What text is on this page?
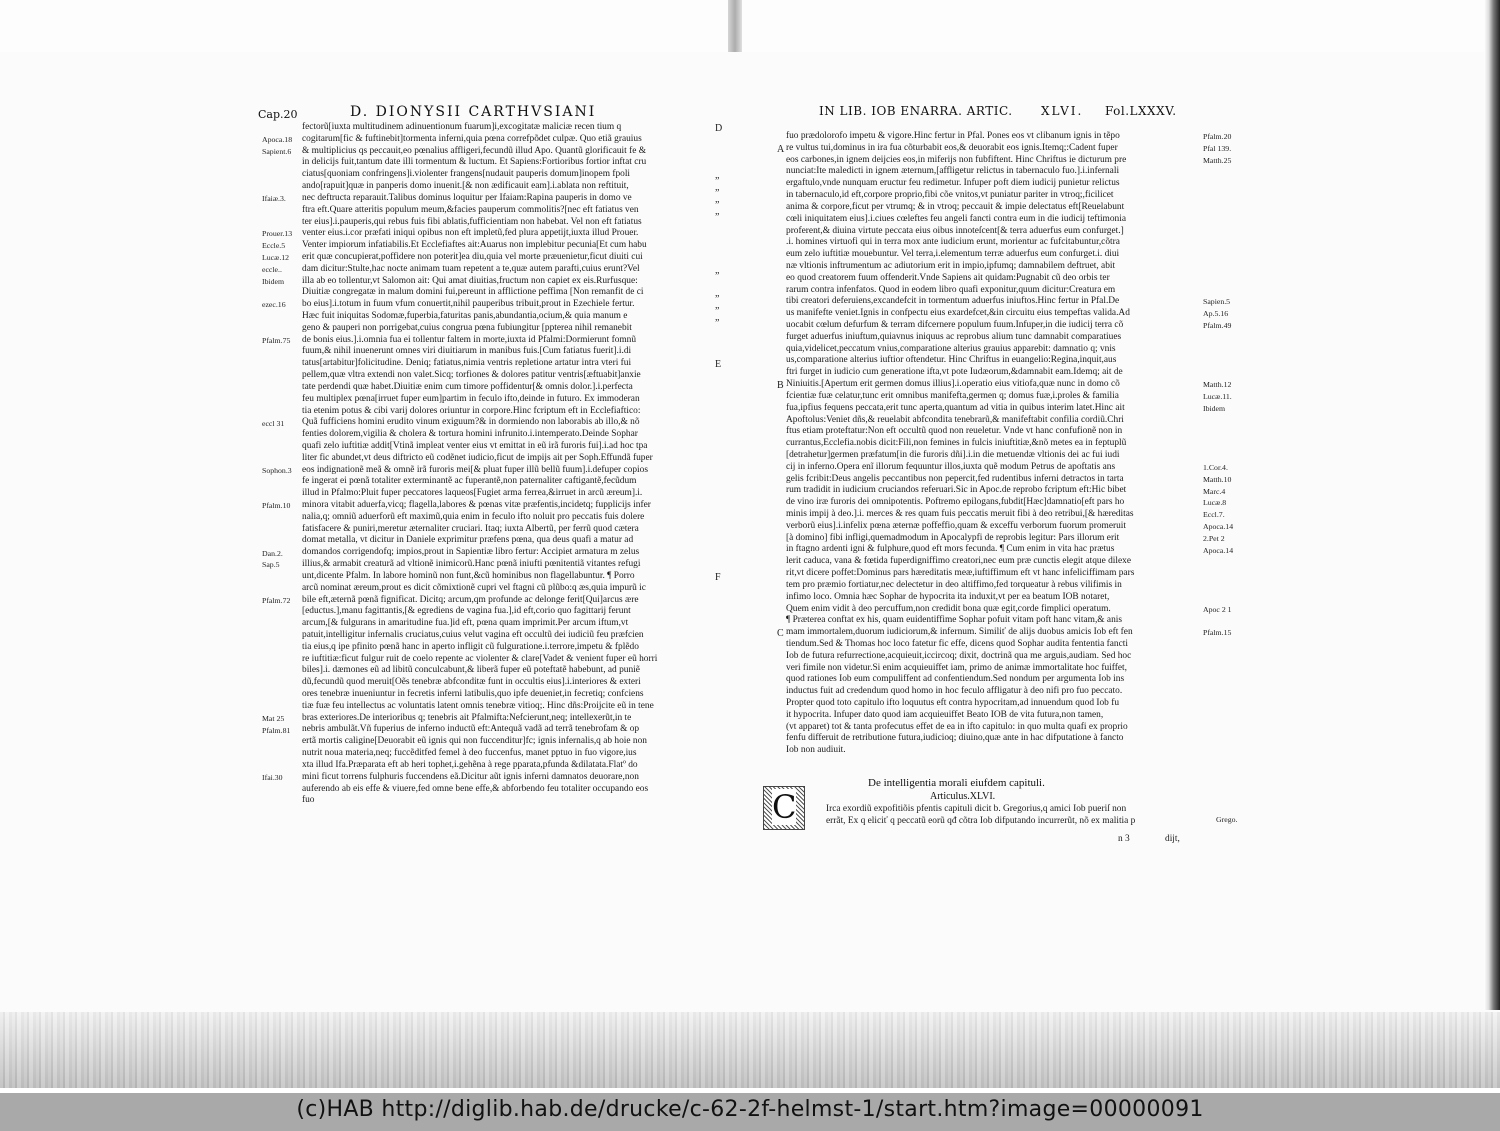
Cap.20	D. DIONYSII CARTHVSIANI
fectorũ[iuxta multitudinem adinuentionum fuarum]i,excogitatæ maliciæ recen tium q
cogitarum[fic & fuftinebit]tormenta inferni,quia pœna correfpõdet culpæ. Quo etiã grauius
& multiplicius qs peccauit,eo pœnalius affligeri,fecundũ illud Apo. Quantũ glorificauit fe &
in delicijs fuit,tantum date illi tormentum & luctum. Et Sapiens:Fortioribus fortior inftat cru
ciatus[quoniam confringens]i.violenter frangens[nudauit pauperis domum]inopem fpoli
ando[rapuit]quæ in panperis domo inuenit.[& non ædificauit eam].i.ablata non reftituit,
nec deftructa reparauit.Talibus dominus loquitur per Ifaiam:Rapina pauperis in domo ve
ftra eft.Quare atteritis populum meum,&facies pauperum commolitis?[nec eft fatiatus ven
ter eius].i.pauperis,qui rebus fuis fibi ablatis,fufficientiam non habebat. Vel non eft fatiatus
venter eius.i.cor præfati iniqui opibus non eft impletũ,fed plura appetijt,iuxta illud Prouer.
Venter impiorum infatiabilis.Et Ecclefiaftes ait:Auarus non implebitur pecunia[Et cum habu
erit quæ concupierat,poffidere non poterit]ea diu,quia vel morte præuenietur,ficut diuiti cui
dam dicitur:Stulte,hac nocte animam tuam repetent a te,quæ autem parafti,cuius erunt?Vel
illa ab eo tollentur,vt Salomon ait: Qui amat diuitias,fructum non capiet ex eis.Rurfusque:
Diuitiæ congregatæ in malum domini fui,pereunt in afflictione peffima [Non remanfit de ci
bo eius].i.totum in fuum vfum conuertit,nihil pauperibus tribuit,prout in Ezechiele fertur.
Hæc fuit iniquitas Sodomæ,fuperbia,faturitas panis,abundantia,ocium,& quia manum e
geno & pauperi non porrigebat,cuius congrua pœna fubiungitur [ppterea nihil remanebit
de bonis eius.].i.omnia fua ei tollentur faltem in morte,iuxta id Pfalmi:Dormierunt fomnũ
fuum,& nihil inuenerunt omnes viri diuitiarum in manibus fuis.[Cum fatiatus fuerit].i.di
tatus[artabitur]folicitudine. Deniq; fatiatus,nimia ventris repletione artatur intra vteri fui
pellem,quæ vltra extendi non valet.Sicq; torfiones & dolores patitur ventris[æftuabit]anxie
tate perdendi quæ habet.Diuitiæ enim cum timore poffidentur[& omnis dolor.].i.perfecta
feu multiplex pœna[irruet fuper eum]partim in feculo ifto,deinde in futuro. Ex immoderan
tia etenim potus & cibi varij dolores oriuntur in corpore.Hinc fcriptum eft in Ecclefiaftico:
Quã fufficiens homini erudito vinum exiguum?& in dormiendo non laborabis ab illo,& nõ
fenties dolorem,vigilia & cholera & tortura homini infrunito.i.intemperato.Deinde Sophar
quafi zelo iuftitiæ addit[Vtinã impleat venter eius vt emittat in eũ irã furoris fui].i.ad hoc tpa
liter fic abundet,vt deus diftricto eũ codẽnet iudicio,ficut de impijs ait per Soph.Effundã fuper
eos indignationẽ meã & omnẽ irã furoris mei[& pluat fuper illũ bellũ fuum].i.defuper copios
fe ingerat ei pœnã totaliter exterminantẽ ac fuperantẽ,non paternaliter caftigantẽ,fecũdum
illud in Pfalmo:Pluit fuper peccatores laqueos[Fugiet arma ferrea,&irruet in arcũ æreum].i.
minora vitabit aduerfa,vicq; flagella,labores & pœnas vitæ præfentis,incidetq; fupplicijs infer
nalia,q; omniũ aduerforũ eft maximũ,quia enim in feculo ifto noluit pro peccatis fuis dolere
fatisfacere & puniri,meretur æternaliter cruciari. Itaq; iuxta Albertũ, per ferrũ quod cætera
domat metalla, vt dicitur in Daniele exprimitur præfens pœna, qua deus quafi a matur ad
domandos corrigendofq; impios,prout in Sapientiæ libro fertur: Accipiet armatura m zelus
illius,& armabit creaturã ad vltionẽ inimicorũ.Hanc pœnã iniufti pœnitentiã vitantes refugi
unt,dicente Pfalm. In labore hominũ non funt,&cũ hominibus non flagellabuntur. ¶ Porro
arcũ nominat æreum,prout es dicit cõmixtionẽ cupri vel ftagni cũ plũbo:q æs,quia impurũ ic
bile eft,æternã pœnã fignificat. Dicitq; arcum,qm profunde ac delonge ferit[Qui]arcus ære
[eductus.],manu fagittantis,[& egrediens de vagina fua.],id eft,corio quo fagittarij ferunt
arcum,[& fulgurans in amaritudine fua.]id eft, pœna quam imprimit.Per arcum iftum,vt
patuit,intelligitur infernalis cruciatus,cuius velut vagina eft occultũ dei iudiciũ feu præfcien
tia eius,q ipe pfinito pœnã hanc in aperto infligit cũ fulguratione.i.terrore,impetu & fplẽdo
re iuftitiæ:ficut fulgur ruit de coelo repente ac violenter & clare[Vadet & venient fuper eũ horri
biles].i. dæmones eũ ad libitũ conculcabunt,& liberã fuper eũ poteftatẽ habebunt, ad puniẽ
dũ,fecundũ quod meruit[Oẽs tenebræ abfconditæ funt in occultis eius].i.interiores & exteri
ores tenebræ inueniuntur in fecretis inferni latibulis,quo ipfe deueniet,in fecretiq; confciens
tiæ fuæ feu intellectus ac voluntatis latent omnis tenebræ vitioq;. Hinc dñs:Proijcite eũ in tene
bras exteriores.De interioribus q; tenebris ait Pfalmifta:Nefcierunt,neq; intellexerũt,in te
nebris ambulãt.Vñ fuperius de inferno inductũ eft:Antequã vadã ad terrã tenebrofam & op
ertã mortis caligine[Deuorabit eũ ignis qui non fuccenditur]fc; ignis infernalis,q ab hoie non
nutrit noua materia,neq; fuccẽditfed femel à deo fuccenfus, manet pptuo in fuo vigore,ius
xta illud Ifa.Præparata eft ab heri tophet,i.gehẽna à rege pparata,pfunda &dilatata.Flatº do
mini ficut torrens fulphuris fuccendens eã.Dicitur aũt ignis inferni damnatos deuorare,non
auferendo ab eis effe & viuere,fed omne bene effe,& abforbendo feu totaliter occupando eos
fuo
Apoca.18
Sapient.6
Ifaiæ.3.
Prouer.13
Eccle.5
Lucæ.12
eccle..
Ibidem
ezec.16
Pfalm.75
eccl 31
Sophon.3
Pfalm.10
Dan.2.
Sap.5
Pfalm.72
Mat 25
Pfalm.81
Ifai.30
D
„
„
„
„
„
„
„
„
E
F
IN LIB. IOB ENARRA. ARTIC. XLVI. Fol.LXXXV.
fuo prædolorofo impetu & vigore.Hinc fertur in Pfal. Pones eos vt clibanum ignis in tẽpo
re vultus tui,dominus in ira fua cõturbabit eos,& deuorabit eos ignis.Itemq;:Cadent fuper
eos carbones,in ignem deijcies eos,in miferijs non fubfiftent. Hinc Chriftus ie dicturum pre
nunciat:Ite maledicti in ignem æternum,[affligetur relictus in tabernaculo fuo.].i.infernali
ergaftulo,vnde nunquam eructur feu redimetur. Infuper poft diem iudicij punietur relictus
in tabernaculo,id eft,corpore proprio,fibi cõe vnitos,vt puniatur pariter in vtroq;,ficilicet
anima & corpore,ficut per vtrumq; & in vtroq; peccauit & impie delectatus eft[Reuelabunt
cœli iniquitatem eius].i.ciues cœleftes feu angeli fancti contra eum in die iudicij teftimonia
proferent,& diuina virtute peccata eius oibus innoteſcent[& terra aduerfus eum confurget.]
.i. homines virtuofi qui in terra mox ante iudicium erunt, morientur ac fufcitabuntur,cõtra
eum zelo iuftitiæ mouebuntur. Vel terra,i.elementum terræ aduerfus eum confurget.i. diui
næ vltionis inftrumentum ac adiutorium erit in impio,ipfumq; damnabilem deftruet, abit
eo quod creatorem fuum offenderit.Vnde Sapiens ait quidam:Pugnabit cũ deo orbis ter
rarum contra infenfatos. Quod in eodem libro quafi exponitur,quum dicitur:Creatura em
tibi creatori deferuiens,excandefcit in tormentum aduerfus iniuftos.Hinc fertur in Pfal.De
us manifefte veniet.Ignis in confpectu eius exardefcet,&in circuitu eius tempeftas valida.Ad
uocabit cœlum defurfum & terram difcernere populum fuum.Infuper,in die iudicij terra cõ
furget aduerfus iniuftum,quiavnus iniquus ac reprobus alium tunc damnabit comparatiues
quia,videlicet,peccatum vnius,comparatione alterius grauius apparebit: damnatio q; vnis
us,comparatione alterius iuftior oftendetur. Hinc Chriftus in euangelio:Regina,inquit,aus
ftri furget in iudicio cum generatione ifta,vt pote Iudæorum,&damnabit eam.Idemq; ait de
Niniuitis.[Apertum erit germen domus illius].i.operatio eius vitiofa,quæ nunc in domo cõ
fcientiæ fuæ celatur,tunc erit omnibus manifefta,germen q; domus fuæ,i.proles & familia
fua,ipfius fequens peccata,erit tunc aperta,quantum ad vitia in quibus interim latet.Hinc ait
Apoftolus:Veniet dñs,& reuelabit abfcondita tenebrarũ,& manifeftabit confilia cordiũ.Chri
ftus etiam proteftatur:Non eft occultũ quod non reueletur. Vnde vt hanc confufionẽ non in
currantus,Ecclefia.nobis dicit:Fili,non femines in fulcis iniuftitiæ,&nõ metes ea in feptuplũ
[detrahetur]germen præfatum[in die furoris dñi].i.in die metuendæ vltionis dei ac fui iudi
cij in inferno.Opera enĩ illorum fequuntur illos,iuxta quẽ modum Petrus de apoftatis ans
gelis fcribit:Deus angelis peccantibus non pepercit,fed rudentibus inferni detractos in tarta
rum tradidit in iudicium cruciandos referuari.Sic in Apoc.de reprobo fcriptum eft:Hic bibet
de vino iræ furoris dei omnipotentis. Poftremo epilogans,fubdit[Hæc]damnatio[eft pars ho
minis impij à deo.].i. merces & res quam fuis peccatis meruit fibi à deo retribui,[& hæreditas
verborũ eius].i.infelix pœna æternæ poffeffio,quam & exceffu verborum fuorum promeruit
[à domino] fibi infligi,quemadmodum in Apocalypfi de reprobis legitur: Pars illorum erit
in ftagno ardenti igni & fulphure,quod eft mors fecunda. ¶ Cum enim in vita hac prætus
lerit caduca, vana & fœtida fuperdigniffimo creatori,nec eum præ cunctis elegit atque dilexe
rit,vt dicere poffet:Dominus pars hæreditatis meæ,iuftiffimum eft vt hanc infeliciffimam pars
tem pro præmio fortiatur,nec delectetur in deo altiffimo,fed torqueatur à rebus vilifimis in
infimo loco. Omnia hæc Sophar de hypocrita ita induxit,vt per ea beatum IOB notaret,
Quem enim vidit à deo percuffum,non credidit bona quæ egit,corde fimplici operatum.
¶ Præterea conftat ex his, quam euidentiffime Sophar pofuit vitam poft hanc vitam,& anis
mam immortalem,duorum iudiciorum,& infernum. Similiť de alijs duobus amicis Iob eft fen
tiendum.Sed & Thomas hoc loco fatetur fic effe, dicens quod Sophar audita fententia fancti
Iob de futura refurrectione,acquieuit,iccircoq; dixit, doctrinã qua me arguis,audiam. Sed hoc
veri fimile non videtur.Si enim acquieuiffet iam, primo de animæ immortalitate hoc fuiffet,
quod rationes Iob eum compuliffent ad confentiendum.Sed nondum per argumenta Iob ins
inductus fuit ad credendum quod homo in hoc feculo affligatur à deo nifi pro fuo peccato.
Propter quod toto capitulo ifto loquutus eft contra hypocritam,ad innuendum quod Iob fu
it hypocrita. Infuper dato quod iam acquieuiffet Beato IOB de vita futura,non tamen,
(vt apparet) tot & tanta profecutus effet de ea in ifto capitulo: in quo multa quafi ex proprio
fenfu differuit de retributione futura,iudicioq; diuino,quæ ante in hac difputatione à fancto
Iob non audiuit.
Pfalm.20
Pfal 139.
Matth.25
Sapien.5
Ap.5.16
Pfalm.49
Matth.12
Lucæ.11.
Ibidem
1.Cor.4.
Matth.10
Marc.4
Lucæ.8
Eccl.7.
Apoca.14
2.Pet 2
Apoca.14
Apoc 2 1
Pfalm.15
A
B
C
De intelligentia morali eiufdem capituli.
Articulus.XLVI.
C	Irca exordiũ expofitiõis pfentis capituli dicit b. Gregorius,q amici Iob pueriſ non
errãt, Ex q eliciť q peccatũ eorũ qđ cõtra Iob difputando incurrerũt, nõ ex malitia p	Grego.
n 3	dijt,
(c)HAB http://diglib.hab.de/drucke/c-62-2f-helmst-1/start.htm?image=00000091
